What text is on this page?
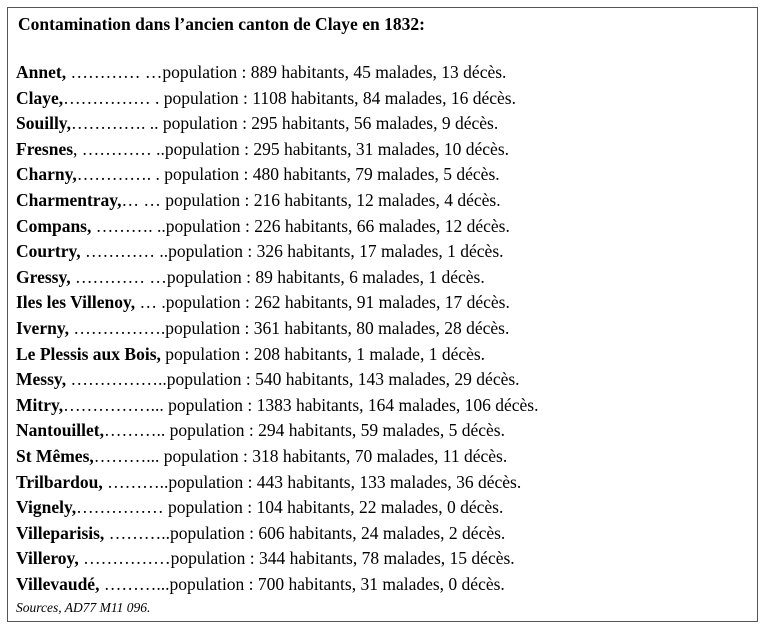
Contamination dans l’ancien canton de Claye en 1832:
Annet, ………… …population : 889 habitants, 45 malades, 13 décès.
Claye,…………… . population : 1108 habitants, 84 malades, 16 décès.
Souilly,…………. .. population : 295 habitants, 56 malades, 9 décès.
Fresnes, ………… ..population : 295 habitants, 31 malades, 10 décès.
Charny,…………. . population : 480 habitants, 79 malades, 5 décès.
Charmentray,… … population : 216 habitants, 12 malades, 4 décès.
Compans, ………. ..population : 226 habitants, 66 malades, 12 décès.
Courtry, ………… ..population : 326 habitants, 17 malades, 1 décès.
Gressy, ………… …population : 89 habitants, 6 malades, 1 décès.
Iles les Villenoy, … .population : 262 habitants, 91 malades, 17 décès.
Iverny, …………….population : 361 habitants, 80 malades, 28 décès.
Le Plessis aux Bois, population : 208 habitants, 1 malade, 1 décès.
Messy, ……………..population : 540 habitants, 143 malades, 29 décès.
Mitry,……………... population : 1383 habitants, 164 malades, 106 décès.
Nantouillet,……….. population : 294 habitants, 59 malades, 5 décès.
St Mêmes,………... population : 318 habitants, 70 malades, 11 décès.
Trilbardou, ………..population : 443 habitants, 133 malades, 36 décès.
Vignely,…………… population : 104 habitants, 22 malades, 0 décès.
Villeparisis, ………..population : 606 habitants, 24 malades, 2 décès.
Villeroy, ……………population : 344 habitants, 78 malades, 15 décès.
Villevaudé, ………...population : 700 habitants, 31 malades, 0 décès.
Sources, AD77 M11 096.
